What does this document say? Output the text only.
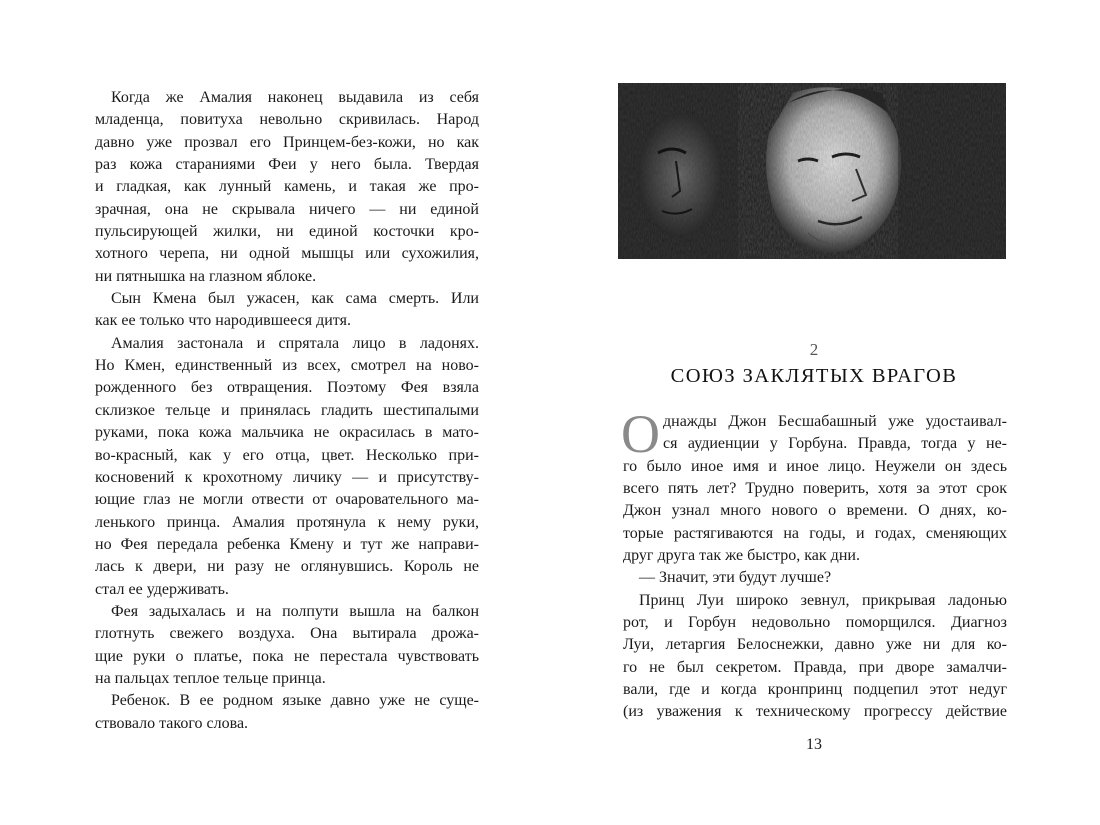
Когда же Амалия наконец выдавила из себя
младенца, повитуха невольно скривилась. Народ
давно уже прозвал его Принцем-без-кожи, но как
раз кожа стараниями Феи у него была. Твердая
и гладкая, как лунный камень, и такая же про-
зрачная, она не скрывала ничего — ни единой
пульсирующей жилки, ни единой косточки кро-
хотного черепа, ни одной мышцы или сухожилия,
ни пятнышка на глазном яблоке.
Сын Кмена был ужасен, как сама смерть. Или
как ее только что народившееся дитя.
Амалия застонала и спрятала лицо в ладонях.
Но Кмен, единственный из всех, смотрел на ново-
рожденного без отвращения. Поэтому Фея взяла
склизкое тельце и принялась гладить шестипалыми
руками, пока кожа мальчика не окрасилась в мато-
во-красный, как у его отца, цвет. Несколько при-
косновений к крохотному личику — и присутству-
ющие глаз не могли отвести от очаровательного ма-
ленького принца. Амалия протянула к нему руки,
но Фея передала ребенка Кмену и тут же направи-
лась к двери, ни разу не оглянувшись. Король не
стал ее удерживать.
Фея задыхалась и на полпути вышла на балкон
глотнуть свежего воздуха. Она вытирала дрожа-
щие руки о платье, пока не перестала чувствовать
на пальцах теплое тельце принца.
Ребенок. В ее родном языке давно уже не суще-
ствовало такого слова.
2
СОЮЗ ЗАКЛЯТЫХ ВРАГОВ
О днажды Джон Бесшабашный уже удостаивал-
ся аудиенции у Горбуна. Правда, тогда у не-
го было иное имя и иное лицо. Неужели он здесь
всего пять лет? Трудно поверить, хотя за этот срок
Джон узнал много нового о времени. О днях, ко-
торые растягиваются на годы, и годах, сменяющих
друг друга так же быстро, как дни.
— Значит, эти будут лучше?
Принц Луи широко зевнул, прикрывая ладонью
рот, и Горбун недовольно поморщился. Диагноз
Луи, летаргия Белоснежки, давно уже ни для ко-
го не был секретом. Правда, при дворе замалчи-
вали, где и когда кронпринц подцепил этот недуг
(из уважения к техническому прогрессу действие
13
